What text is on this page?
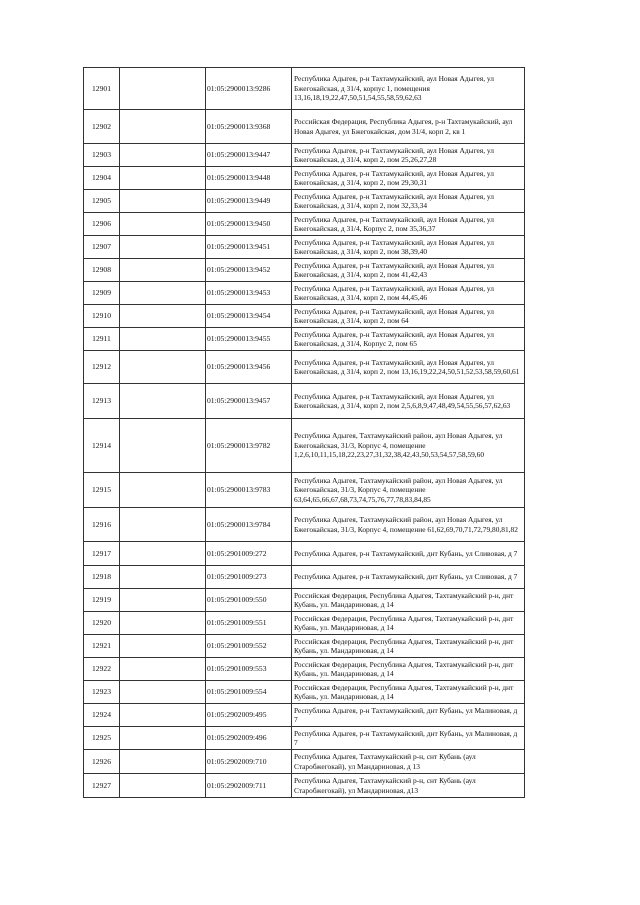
12901		01:05:2900013:9286	Республика Адыгея, р-н Тахтамукайский, аул Новая Адыгея, ул Бжегокайская, д 31/4, корпус 1, помещения 13,16,18,19,22,47,50,51,54,55,58,59,62,63
12902		01:05:2900013:9368	Российская Федерация, Республика Адыгея, р-н Тахтамукайский, аул Новая Адыгея, ул Бжегокайская, дом 31/4, корп 2, кв 1
12903		01:05:2900013:9447	Республика Адыгея, р-н Тахтамукайский, аул Новая Адыгея, ул Бжегокайская, д 31/4, корп 2, пом 25,26,27,28
12904		01:05:2900013:9448	Республика Адыгея, р-н Тахтамукайский, аул Новая Адыгея, ул Бжегокайская, д 31/4, корп 2, пом 29,30,31
12905		01:05:2900013:9449	Республика Адыгея, р-н Тахтамукайский, аул Новая Адыгея, ул Бжегокайская, д 31/4, корп 2, пом 32,33,34
12906		01:05:2900013:9450	Республика Адыгея, р-н Тахтамукайский, аул Новая Адыгея, ул Бжегокайская, д 31/4, Корпус 2, пом 35,36,37
12907		01:05:2900013:9451	Республика Адыгея, р-н Тахтамукайский, аул Новая Адыгея, ул Бжегокайская, д 31/4, корп 2, пом 38,39,40
12908		01:05:2900013:9452	Республика Адыгея, р-н Тахтамукайский, аул Новая Адыгея, ул Бжегокайская, д 31/4, корп 2, пом 41,42,43
12909		01:05:2900013:9453	Республика Адыгея, р-н Тахтамукайский, аул Новая Адыгея, ул Бжегокайская, д 31/4, корп 2, пом 44,45,46
12910		01:05:2900013:9454	Республика Адыгея, р-н Тахтамукайский, аул Новая Адыгея, ул Бжегокайская, д 31/4, корп 2, пом 64
12911		01:05:2900013:9455	Республика Адыгея, р-н Тахтамукайский, аул Новая Адыгея, ул Бжегокайская, д 31/4, Корпус 2, пом 65
12912		01:05:2900013:9456	Республика Адыгея, р-н Тахтамукайский, аул Новая Адыгея, ул Бжегокайская, д 31/4, корп 2, пом 13,16,19,22,24,50,51,52,53,58,59,60,61
12913		01:05:2900013:9457	Республика Адыгея, р-н Тахтамукайский, аул Новая Адыгея, ул Бжегокайская, д 31/4, корп 2, пом 2,5,6,8,9,47,48,49,54,55,56,57,62,63
12914		01:05:2900013:9782	Республика Адыгея, Тахтамукайский район, аул Новая Адыгея, ул Бжегокайская, 31/3, Корпус 4, помещение 1,2,6,10,11,15,18,22,23,27,31,32,38,42,43,50,53,54,57,58,59,60
12915		01:05:2900013:9783	Республика Адыгея, Тахтамукайский район, аул Новая Адыгея, ул Бжегокайская, 31/3, Корпус 4, помещение 63,64,65,66,67,68,73,74,75,76,77,78,83,84,85
12916		01:05:2900013:9784	Республика Адыгея, Тахтамукайский район, аул Новая Адыгея, ул Бжегокайская, 31/3, Корпус 4, помещение 61,62,69,70,71,72,79,80,81,82
12917		01:05:2901009:272	Республика Адыгея, р-н Тахтамукайский, днт Кубань, ул Сливовая, д 7
12918		01:05:2901009:273	Республика Адыгея, р-н Тахтамукайский, днт Кубань, ул Сливовая, д 7
12919		01:05:2901009:550	Российская Федерация, Республика Адыгея, Тахтамукайский р-н, днт Кубань, ул. Мандариновая, д 14
12920		01:05:2901009:551	Российская Федерация, Республика Адыгея, Тахтамукайский р-н, днт Кубань, ул. Мандариновая, д 14
12921		01:05:2901009:552	Российская Федерация, Республика Адыгея, Тахтамукайский р-н, днт Кубань, ул. Мандариновая, д 14
12922		01:05:2901009:553	Российская Федерация, Республика Адыгея, Тахтамукайский р-н, днт Кубань, ул. Мандариновая, д 14
12923		01:05:2901009:554	Российская Федерация, Республика Адыгея, Тахтамукайский р-н, днт Кубань, ул. Мандариновая, д 14
12924		01:05:2902009:495	Республика Адыгея, р-н Тахтамукайский, днт Кубань, ул Малиновая, д 7
12925		01:05:2902009:496	Республика Адыгея, р-н Тахтамукайский, днт Кубань, ул Малиновая, д 7
12926		01:05:2902009:710	Республика Адыгея, Тахтамукайский р-н, снт Кубань (аул Старобжегокай), ул Мандариновая, д 13
12927		01:05:2902009:711	Республика Адыгея, Тахтамукайский р-н, снт Кубань (аул Старобжегокай), ул Мандариновая, д13
